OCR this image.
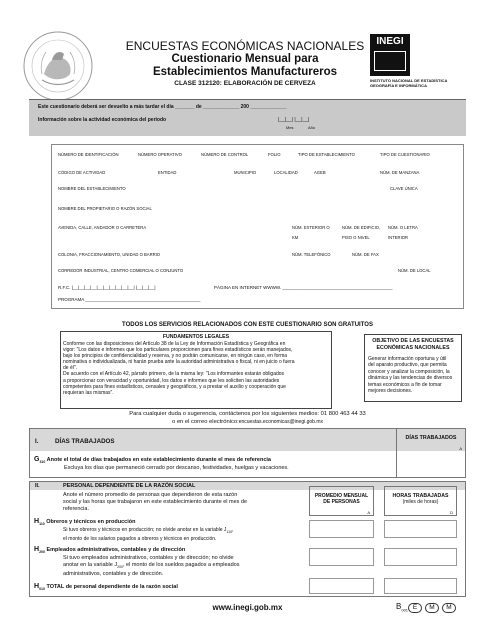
ENCUESTAS ECONÓMICAS NACIONALES
Cuestionario Mensual para
Establecimientos Manufactureros
CLASE 312120: ELABORACIÓN DE CERVEZA
INEGI
INSTITUTO NACIONAL DE ESTADÍSTICA
GEOGRAFÍA E INFORMÁTICA
Este cuestionario deberá ser devuelto a más tardar el día _______ de _____________ 200 _____________
Información sobre la actividad económica del periodo	|__|__| |__|__|
Mes	Año
NÚMERO DE IDENTIFICACIÓN	NÚMERO OPERATIVO	NÚMERO DE CONTROL	FOLIO	TIPO DE ESTABLECIMIENTO	TIPO DE CUESTIONARIO
CÓDIGO DE ACTIVIDAD	ENTIDAD	MUNICIPIO	LOCALIDAD	AGEB	NÚM. DE MANZANA
NOMBRE DEL ESTABLECIMIENTO	CLAVE ÚNICA
NOMBRE DEL PROPIETARIO O RAZÓN SOCIAL
AVENIDA, CALLE, ANDADOR O CARRETERA	NÚM. EXTERIOR O	NÚM. DE EDIFICIO, NÚM. O LETRA
KM	PISO O NIVEL	INTERIOR
COLONIA, FRACCIONAMIENTO, UNIDAD O BARRIO	NÚM. TELEFÓNICO	NÚM. DE FAX
CORREDOR INDUSTRIAL, CENTRO COMERCIAL O CONJUNTO	NÚM. DE LOCAL
R.F.C. |__|__|__|__|__|__|__|__|__|__| |__|__|__|	PÁGINA EN INTERNET WWWW. ____________________________________________
PROGRAMA ______________________________________________
TODOS LOS SERVICIOS RELACIONADOS CON ESTE CUESTIONARIO SON GRATUITOS
FUNDAMENTOS LEGALES
Conforme con las disposiciones del Artículo 38 de la Ley de Información Estadística y Geográfica en
vigor: "Los datos e informes que los particulares proporcionen para fines estadísticos serán manejados,
bajo los principios de confidencialidad y reserva, y no podrán comunicarse, en ningún caso, en forma
nominativa o individualizada, ni harán prueba ante la autoridad administrativa o fiscal, ni en juicio o fuera
de él".
De acuerdo con el Artículo 42, párrafo primero, de la misma ley: "Los informantes estarán obligados
a proporcionar con veracidad y oportunidad, los datos e informes que les soliciten las autoridades
competentes para fines estadísticos, censales y geográficos, y a prestar el auxilio y cooperación que
requieran las mismas".
OBJETIVO DE LAS ENCUESTAS
ECONÓMICAS NACIONALES
Generar información oportuna y útil
del aparato productivo, que permita
conocer y analizar la composición, la
dinámica y las tendencias de diversos
temas económicos a fin de tomar
mejores decisiones.
Para cualquier duda o sugerencia, contáctenos por los siguientes medios: 01 800 463 44 33
o en el correo electrónico:encuestas.economicas@inegi.gob.mx
I.	DÍAS TRABAJADOS	DÍAS TRABAJADOS
A
$G_{310}$ Anote el total de días trabajados en este establecimiento durante el mes de referencia
Excluya los días que permaneció cerrado por descanso, festividades, huelgas y vacaciones.
II.	PERSONAL DEPENDIENTE DE LA RAZÓN SOCIAL
Anote el número promedio de personas que dependieron de esta razón
social y las horas que trabajaron en este establecimiento durante el mes de
referencia.
PROMEDIO MENSUAL
DE PERSONAS
A
HORAS TRABAJADAS
(miles de horas)
D
$H_{110}$ Obreros y técnicos en producción
Si tuvo obreros y técnicos en producción; no olvide anotar en la variable $J_{110}$,
el monto de los salarios pagados a obreros y técnicos en producción.
$H_{200}$ Empleados administrativos, contables y de dirección
Si tuvo empleados administrativos, contables y de dirección; no olvide
anotar en la variable $J_{200}$, el monto de los sueldos pagados a empleados
administrativos, contables y de dirección.
$H_{010}$ TOTAL de personal dependiente de la razón social
www.inegi.gob.mx	$B_{001}$ E	M	M
